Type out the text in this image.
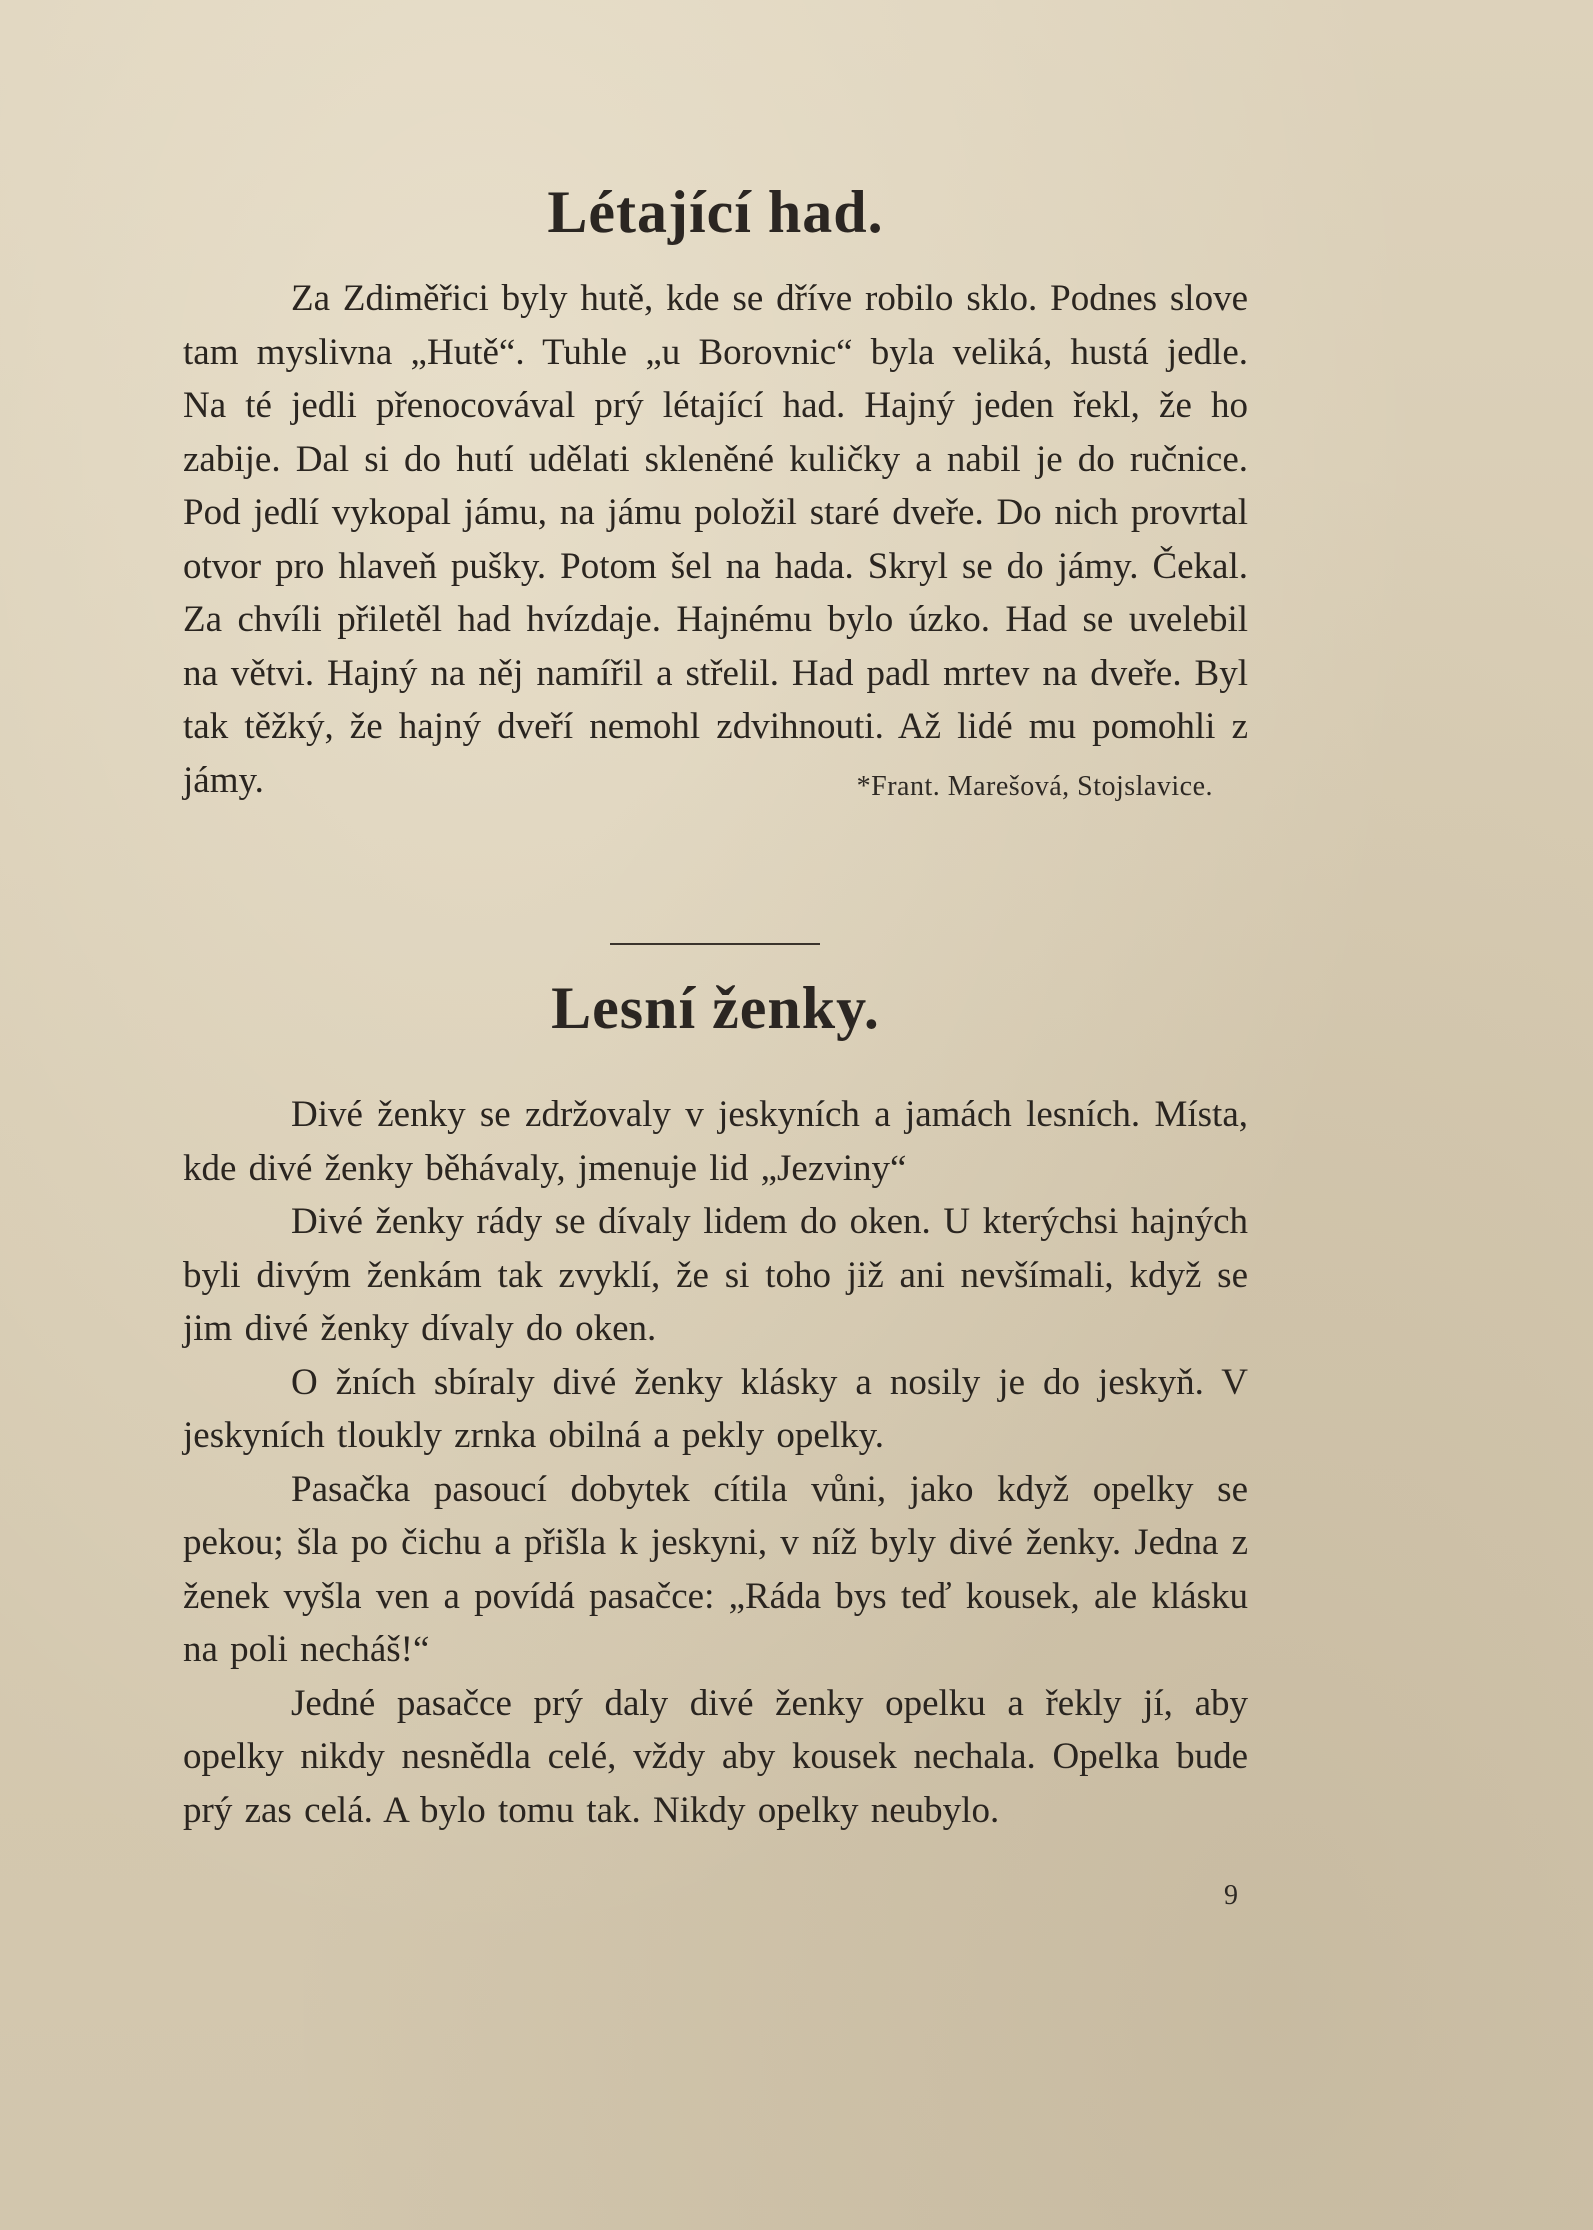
Létající had.

Za Zdiměřici byly hutě, kde se dříve robilo sklo. Podnes slove tam myslivna „Hutě“. Tuhle „u Borovnic“ byla veliká, hustá jedle. Na té jedli přenocovával prý létající had. Hajný jeden řekl, že ho zabije. Dal si do hutí udělati skleněné kuličky a nabil je do ručnice. Pod jedlí vykopal jámu, na jámu položil staré dveře. Do nich provrtal otvor pro hlaveň pušky. Potom šel na hada. Skryl se do jámy. Čekal. Za chvíli přiletěl had hvízdaje. Hajnému bylo úzko. Had se uvelebil na větvi. Hajný na něj namířil a střelil. Had padl mrtev na dveře. Byl tak těžký, že hajný dveří nemohl zdvihnouti. Až lidé mu pomohli z jámy.	*Frant. Marešová, Stojslavice.
Lesní ženky.

Divé ženky se zdržovaly v jeskyních a jamách lesních. Místa, kde divé ženky běhávaly, jmenuje lid „Jezviny“

Divé ženky rády se dívaly lidem do oken. U kterýchsi hajných byli divým ženkám tak zvyklí, že si toho již ani nevšímali, když se jim divé ženky dívaly do oken.

O žních sbíraly divé ženky klásky a nosily je do jeskyň. V jeskyních tloukly zrnka obilná a pekly opelky.

Pasačka pasoucí dobytek cítila vůni, jako když opelky se pekou; šla po čichu a přišla k jeskyni, v níž byly divé ženky. Jedna z ženek vyšla ven a povídá pasačce: „Ráda bys teď kousek, ale klásku na poli necháš!“

Jedné pasačce prý daly divé ženky opelku a řekly jí, aby opelky nikdy nesnědla celé, vždy aby kousek nechala. Opelka bude prý zas celá. A bylo tomu tak. Nikdy opelky neubylo.

9
